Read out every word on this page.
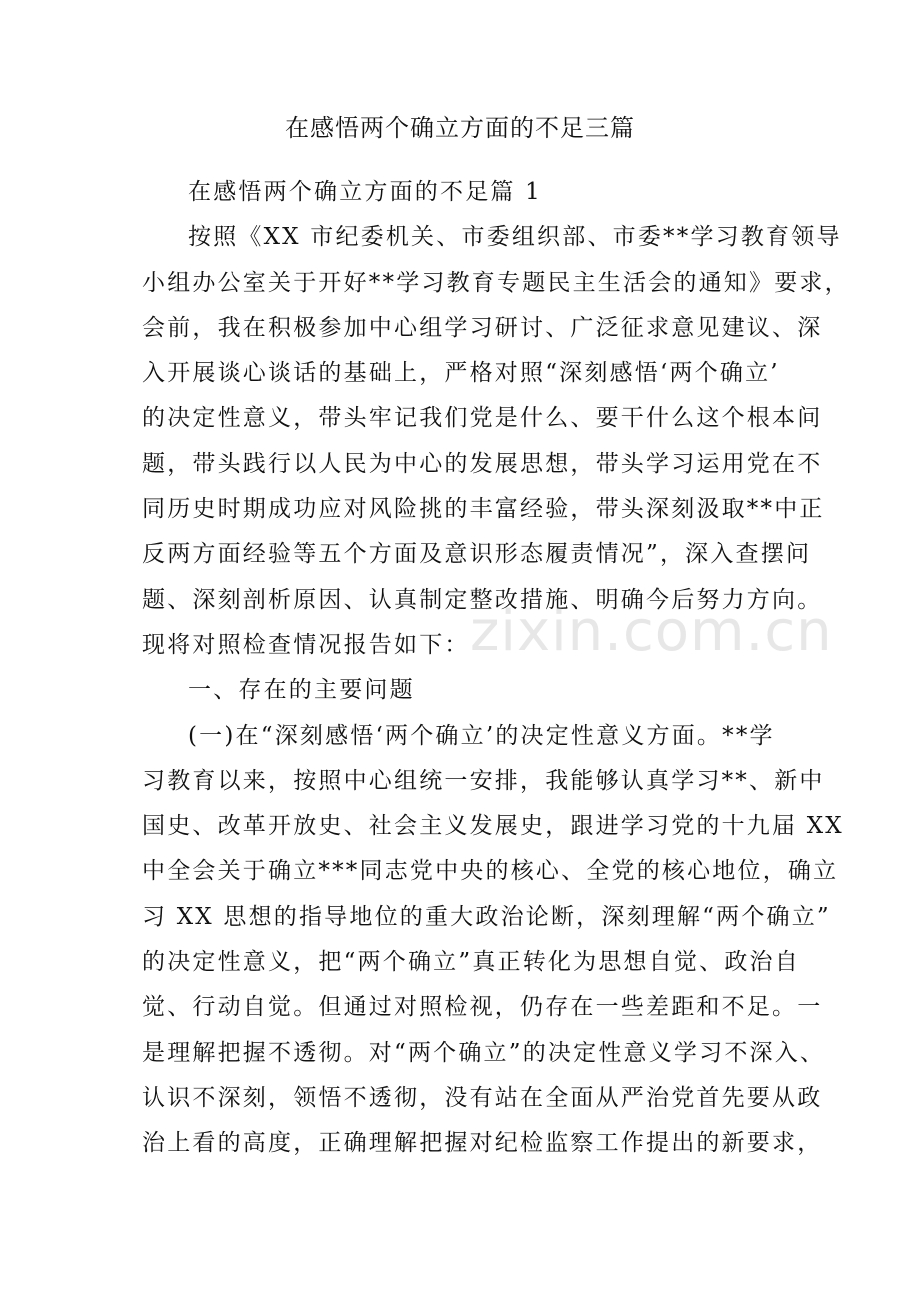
在感悟两个确立方面的不足三篇

在感悟两个确立方面的不足篇 1

按照《XX 市纪委机关、市委组织部、市委**学习教育领导

小组办公室关于开好**学习教育专题民主生活会的通知》要求，

会前，我在积极参加中心组学习研讨、广泛征求意见建议、深

入开展谈心谈话的基础上，严格对照“深刻感悟‘两个确立’

的决定性意义，带头牢记我们党是什么、要干什么这个根本问

题，带头践行以人民为中心的发展思想，带头学习运用党在不

同历史时期成功应对风险挑的丰富经验，带头深刻汲取**中正

反两方面经验等五个方面及意识形态履责情况”，深入查摆问

题、深刻剖析原因、认真制定整改措施、明确今后努力方向。

现将对照检查情况报告如下：

一、存在的主要问题

(一)在“深刻感悟‘两个确立’的决定性意义方面。**学

习教育以来，按照中心组统一安排，我能够认真学习**、新中

国史、改革开放史、社会主义发展史，跟进学习党的十九届 XX

中全会关于确立***同志党中央的核心、全党的核心地位，确立

习 XX 思想的指导地位的重大政治论断，深刻理解“两个确立”

的决定性意义，把“两个确立”真正转化为思想自觉、政治自

觉、行动自觉。但通过对照检视，仍存在一些差距和不足。一

是理解把握不透彻。对“两个确立”的决定性意义学习不深入、

认识不深刻，领悟不透彻，没有站在全面从严治党首先要从政

治上看的高度，正确理解把握对纪检监察工作提出的新要求，

zixin.com.cn
